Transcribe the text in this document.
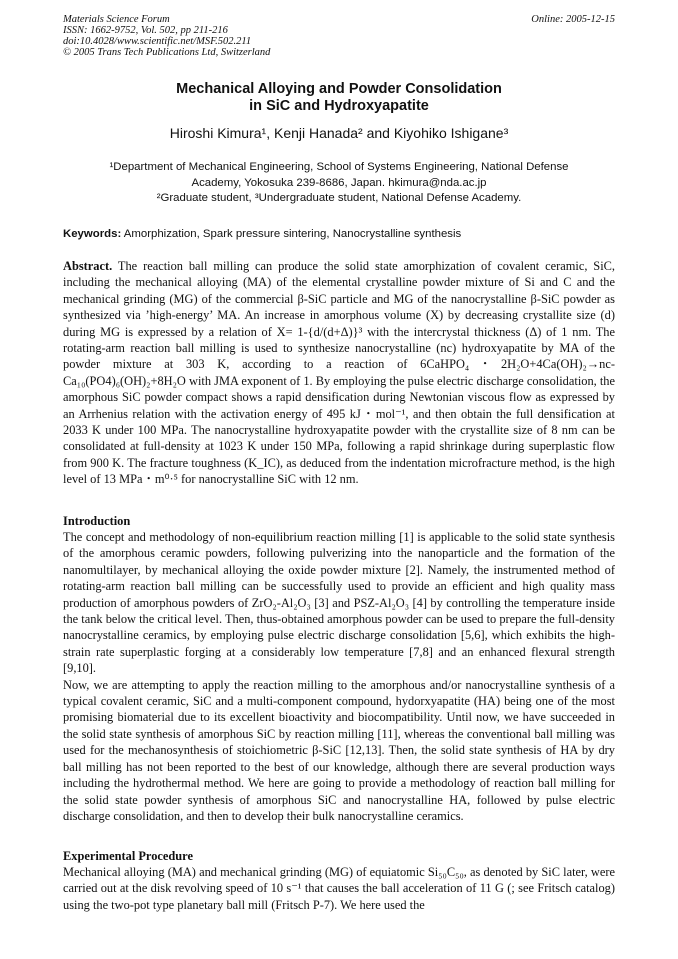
Materials Science Forum
ISSN: 1662-9752, Vol. 502, pp 211-216
doi:10.4028/www.scientific.net/MSF.502.211
© 2005 Trans Tech Publications Ltd, Switzerland
Online: 2005-12-15
Mechanical Alloying and Powder Consolidation
in SiC and Hydroxyapatite
Hiroshi Kimura¹, Kenji Hanada² and Kiyohiko Ishigane³
¹Department of Mechanical Engineering, School of Systems Engineering, National Defense
Academy, Yokosuka 239-8686, Japan. hkimura@nda.ac.jp
²Graduate student, ³Undergraduate student, National Defense Academy.
Keywords: Amorphization, Spark pressure sintering, Nanocrystalline synthesis

Abstract. The reaction ball milling can produce the solid state amorphization of covalent ceramic, SiC, including the mechanical alloying (MA) of the elemental crystalline powder mixture of Si and C and the mechanical grinding (MG) of the commercial β-SiC particle and MG of the nanocrystalline β-SiC powder as synthesized via ’high-energy’ MA. An increase in amorphous volume (X) by decreasing crystallite size (d) during MG is expressed by a relation of X= 1-{d/(d+Δ)}³ with the intercrystal thickness (Δ) of 1 nm. The rotating-arm reaction ball milling is used to synthesize nanocrystalline (nc) hydroxyapatite by MA of the powder mixture at 303 K, according to a reaction of 6CaHPO₄・2H₂O+4Ca(OH)₂→nc-Ca₁₀(PO4)₆(OH)₂+8H₂O with JMA exponent of 1. By employing the pulse electric discharge consolidation, the amorphous SiC powder compact shows a rapid densification during Newtonian viscous flow as expressed by an Arrhenius relation with the activation energy of 495 kJ・mol⁻¹, and then obtain the full densification at 2033 K under 100 MPa. The nanocrystalline hydroxyapatite powder with the crystallite size of 8 nm can be consolidated at full-density at 1023 K under 150 MPa, following a rapid shrinkage during superplastic flow from 900 K. The fracture toughness (K_IC), as deduced from the indentation microfracture method, is the high level of 13 MPa・m⁰·⁵ for nanocrystalline SiC with 12 nm.

Introduction

The concept and methodology of non-equilibrium reaction milling [1] is applicable to the solid state synthesis of the amorphous ceramic powders, following pulverizing into the nanoparticle and the formation of the nanomultilayer, by mechanical alloying the oxide powder mixture [2]. Namely, the instrumented method of rotating-arm reaction ball milling can be successfully used to provide an efficient and high quality mass production of amorphous powders of ZrO₂-Al₂O₃ [3] and PSZ-Al₂O₃ [4] by controlling the temperature inside the tank below the critical level. Then, thus-obtained amorphous powder can be used to prepare the full-density nanocrystalline ceramics, by employing pulse electric discharge consolidation [5,6], which exhibits the high-strain rate superplastic forging at a considerably low temperature [7,8] and an enhanced flexural strength [9,10].

Now, we are attempting to apply the reaction milling to the amorphous and/or nanocrystalline synthesis of a typical covalent ceramic, SiC and a multi-component compound, hydorxyapatite (HA) being one of the most promising biomaterial due to its excellent bioactivity and biocompatibility. Until now, we have succeeded in the solid state synthesis of amorphous SiC by reaction milling [11], whereas the conventional ball milling was used for the mechanosynthesis of stoichiometric β-SiC [12,13]. Then, the solid state synthesis of HA by dry ball milling has not been reported to the best of our knowledge, although there are several production ways including the hydrothermal method. We here are going to provide a methodology of reaction ball milling for the solid state powder synthesis of amorphous SiC and nanocrystalline HA, followed by pulse electric discharge consolidation, and then to develop their bulk nanocrystalline ceramics.

Experimental Procedure

Mechanical alloying (MA) and mechanical grinding (MG) of equiatomic Si₅₀C₅₀, as denoted by SiC later, were carried out at the disk revolving speed of 10 s⁻¹ that causes the ball acceleration of 11 G (; see Fritsch catalog) using the two-pot type planetary ball mill (Fritsch P-7). We here used the
